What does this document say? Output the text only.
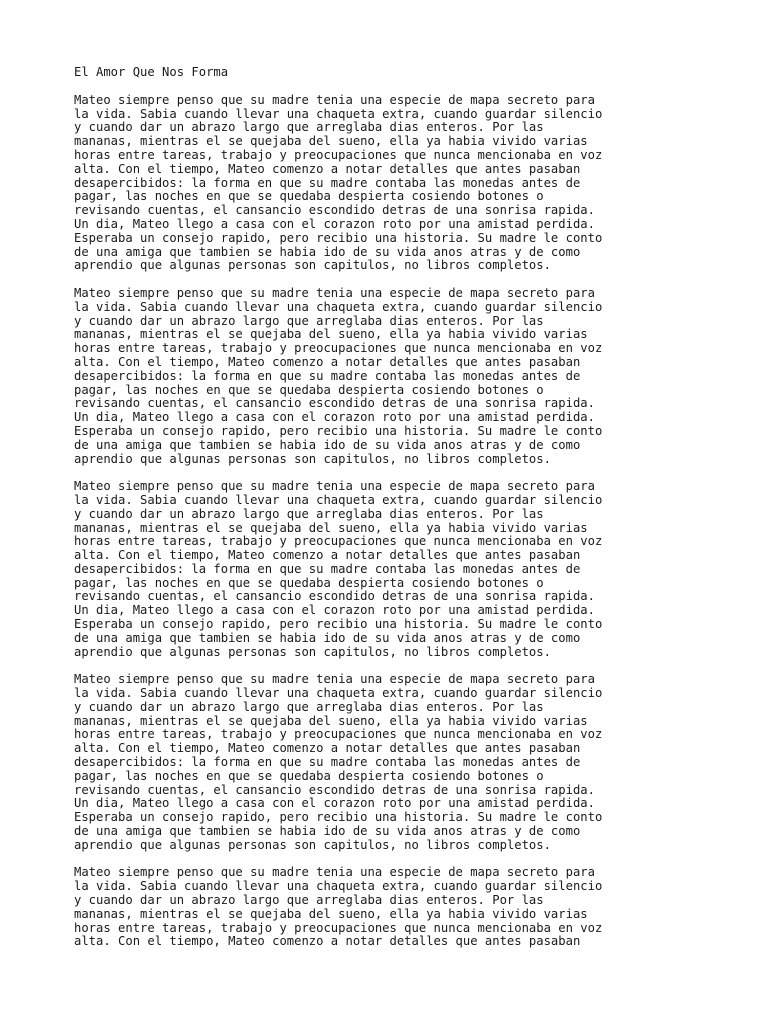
El Amor Que Nos Forma
Mateo siempre penso que su madre tenia una especie de mapa secreto para
la vida. Sabia cuando llevar una chaqueta extra, cuando guardar silencio
y cuando dar un abrazo largo que arreglaba dias enteros. Por las
mananas, mientras el se quejaba del sueno, ella ya habia vivido varias
horas entre tareas, trabajo y preocupaciones que nunca mencionaba en voz
alta. Con el tiempo, Mateo comenzo a notar detalles que antes pasaban
desapercibidos: la forma en que su madre contaba las monedas antes de
pagar, las noches en que se quedaba despierta cosiendo botones o
revisando cuentas, el cansancio escondido detras de una sonrisa rapida.
Un dia, Mateo llego a casa con el corazon roto por una amistad perdida.
Esperaba un consejo rapido, pero recibio una historia. Su madre le conto
de una amiga que tambien se habia ido de su vida anos atras y de como
aprendio que algunas personas son capitulos, no libros completos.
Mateo siempre penso que su madre tenia una especie de mapa secreto para
la vida. Sabia cuando llevar una chaqueta extra, cuando guardar silencio
y cuando dar un abrazo largo que arreglaba dias enteros. Por las
mananas, mientras el se quejaba del sueno, ella ya habia vivido varias
horas entre tareas, trabajo y preocupaciones que nunca mencionaba en voz
alta. Con el tiempo, Mateo comenzo a notar detalles que antes pasaban
desapercibidos: la forma en que su madre contaba las monedas antes de
pagar, las noches en que se quedaba despierta cosiendo botones o
revisando cuentas, el cansancio escondido detras de una sonrisa rapida.
Un dia, Mateo llego a casa con el corazon roto por una amistad perdida.
Esperaba un consejo rapido, pero recibio una historia. Su madre le conto
de una amiga que tambien se habia ido de su vida anos atras y de como
aprendio que algunas personas son capitulos, no libros completos.
Mateo siempre penso que su madre tenia una especie de mapa secreto para
la vida. Sabia cuando llevar una chaqueta extra, cuando guardar silencio
y cuando dar un abrazo largo que arreglaba dias enteros. Por las
mananas, mientras el se quejaba del sueno, ella ya habia vivido varias
horas entre tareas, trabajo y preocupaciones que nunca mencionaba en voz
alta. Con el tiempo, Mateo comenzo a notar detalles que antes pasaban
desapercibidos: la forma en que su madre contaba las monedas antes de
pagar, las noches en que se quedaba despierta cosiendo botones o
revisando cuentas, el cansancio escondido detras de una sonrisa rapida.
Un dia, Mateo llego a casa con el corazon roto por una amistad perdida.
Esperaba un consejo rapido, pero recibio una historia. Su madre le conto
de una amiga que tambien se habia ido de su vida anos atras y de como
aprendio que algunas personas son capitulos, no libros completos.
Mateo siempre penso que su madre tenia una especie de mapa secreto para
la vida. Sabia cuando llevar una chaqueta extra, cuando guardar silencio
y cuando dar un abrazo largo que arreglaba dias enteros. Por las
mananas, mientras el se quejaba del sueno, ella ya habia vivido varias
horas entre tareas, trabajo y preocupaciones que nunca mencionaba en voz
alta. Con el tiempo, Mateo comenzo a notar detalles que antes pasaban
desapercibidos: la forma en que su madre contaba las monedas antes de
pagar, las noches en que se quedaba despierta cosiendo botones o
revisando cuentas, el cansancio escondido detras de una sonrisa rapida.
Un dia, Mateo llego a casa con el corazon roto por una amistad perdida.
Esperaba un consejo rapido, pero recibio una historia. Su madre le conto
de una amiga que tambien se habia ido de su vida anos atras y de como
aprendio que algunas personas son capitulos, no libros completos.
Mateo siempre penso que su madre tenia una especie de mapa secreto para
la vida. Sabia cuando llevar una chaqueta extra, cuando guardar silencio
y cuando dar un abrazo largo que arreglaba dias enteros. Por las
mananas, mientras el se quejaba del sueno, ella ya habia vivido varias
horas entre tareas, trabajo y preocupaciones que nunca mencionaba en voz
alta. Con el tiempo, Mateo comenzo a notar detalles que antes pasaban
